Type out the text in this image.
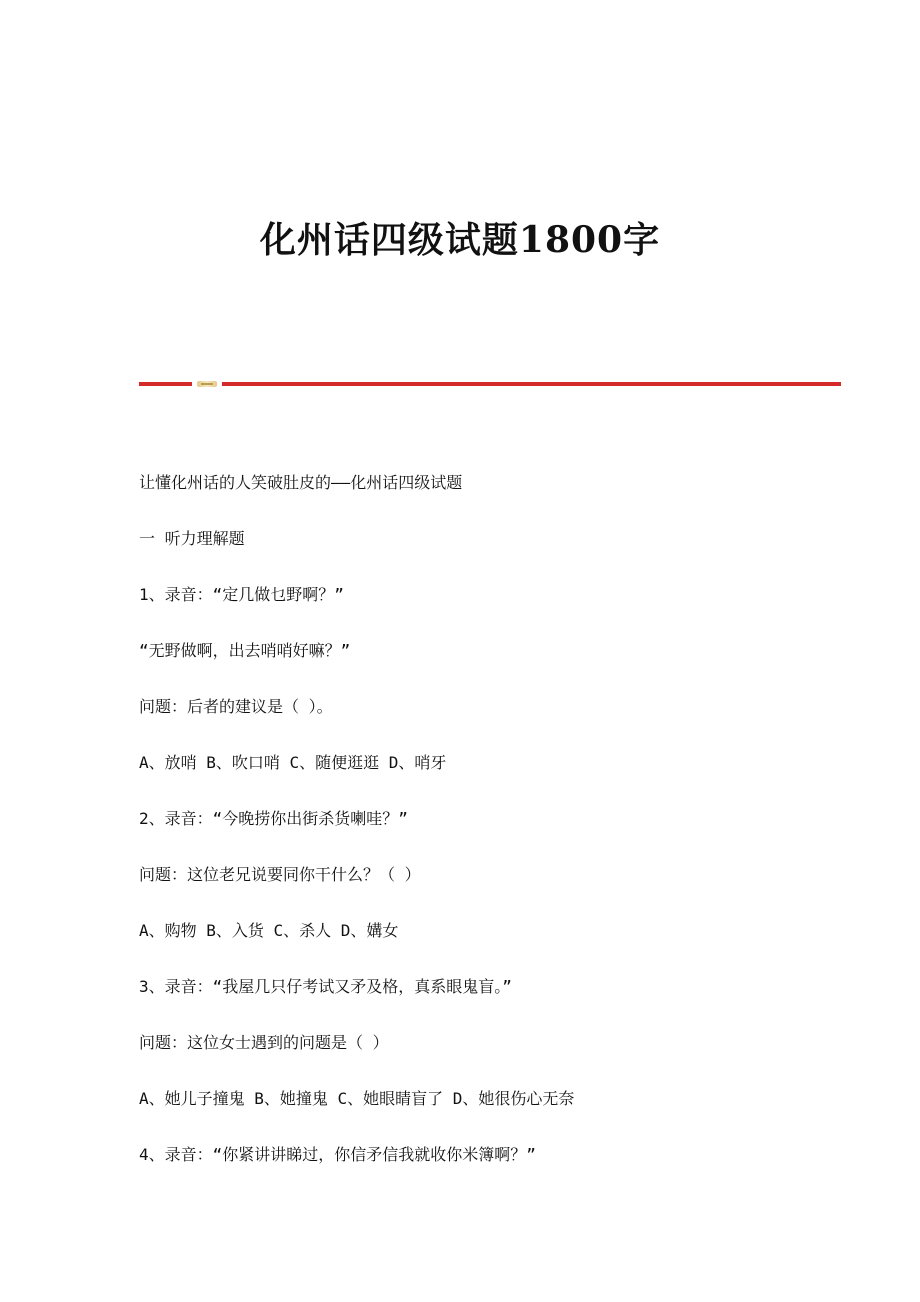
化州话四级试题1800字

让懂化州话的人笑破肚皮的——化州话四级试题

一 听力理解题

1、录音：“定几做乜野啊？”

“无野做啊，出去哨哨好嘛？”

问题：后者的建议是（ ）。

A、放哨 B、吹口哨 C、随便逛逛 D、哨牙

2、录音：“今晚捞你出街杀货喇哇？”

问题：这位老兄说要同你干什么？（ ）

A、购物 B、入货 C、杀人 D、媾女

3、录音：“我屋几只仔考试又矛及格，真系眼鬼盲。”

问题：这位女士遇到的问题是（ ）

A、她儿子撞鬼 B、她撞鬼 C、她眼睛盲了 D、她很伤心无奈

4、录音：“你紧讲讲睇过，你信矛信我就收你米簿啊？”
